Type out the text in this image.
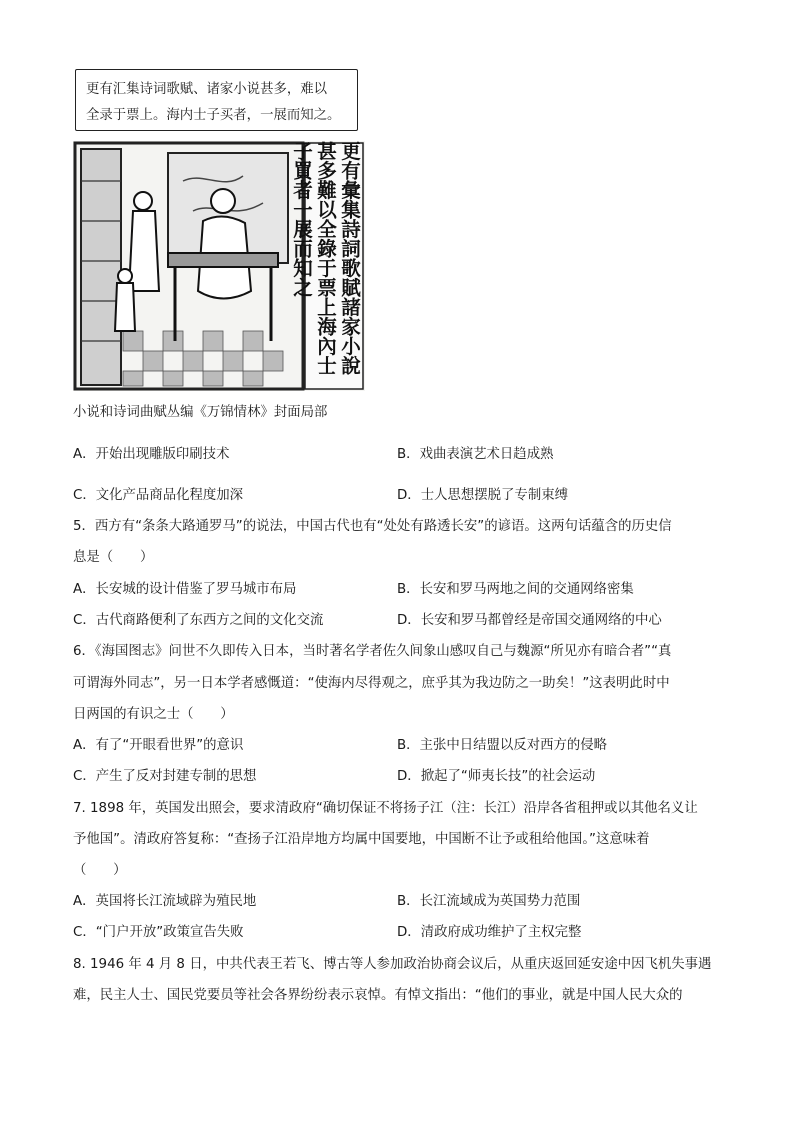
更有汇集诗词歌赋、诸家小说甚多，难以
全录于票上。海内士子买者，一展而知之。
更有彙集詩詞歌賦諸家小說
甚多難以全錄于票上海內士
子買者一展而知之
小说和诗词曲赋丛编《万锦情林》封面局部
A．开始出现雕版印刷技术	B．戏曲表演艺术日趋成熟
C．文化产品商品化程度加深	D．士人思想摆脱了专制束缚
5．西方有“条条大路通罗马”的说法，中国古代也有“处处有路透长安”的谚语。这两句话蕴含的历史信
息是（　　）
A．长安城的设计借鉴了罗马城市布局	B．长安和罗马两地之间的交通网络密集
C．古代商路便利了东西方之间的文化交流	D．长安和罗马都曾经是帝国交通网络的中心
6．《海国图志》问世不久即传入日本，当时著名学者佐久间象山感叹自己与魏源“所见亦有暗合者”“真
可谓海外同志”，另一日本学者感慨道：“使海内尽得观之，庶乎其为我边防之一助矣！”这表明此时中
日两国的有识之士（　　）
A．有了“开眼看世界”的意识	B．主张中日结盟以反对西方的侵略
C．产生了反对封建专制的思想	D．掀起了“师夷长技”的社会运动
7. 1898 年，英国发出照会，要求清政府“确切保证不将扬子江（注：长江）沿岸各省租押或以其他名义让
予他国”。清政府答复称：“查扬子江沿岸地方均属中国要地，中国断不让予或租给他国。”这意味着
（　　）
A．英国将长江流域辟为殖民地	B．长江流域成为英国势力范围
C．“门户开放”政策宣告失败	D．清政府成功维护了主权完整
8. 1946 年 4 月 8 日，中共代表王若飞、博古等人参加政治协商会议后，从重庆返回延安途中因飞机失事遇
难，民主人士、国民党要员等社会各界纷纷表示哀悼。有悼文指出：“他们的事业，就是中国人民大众的
